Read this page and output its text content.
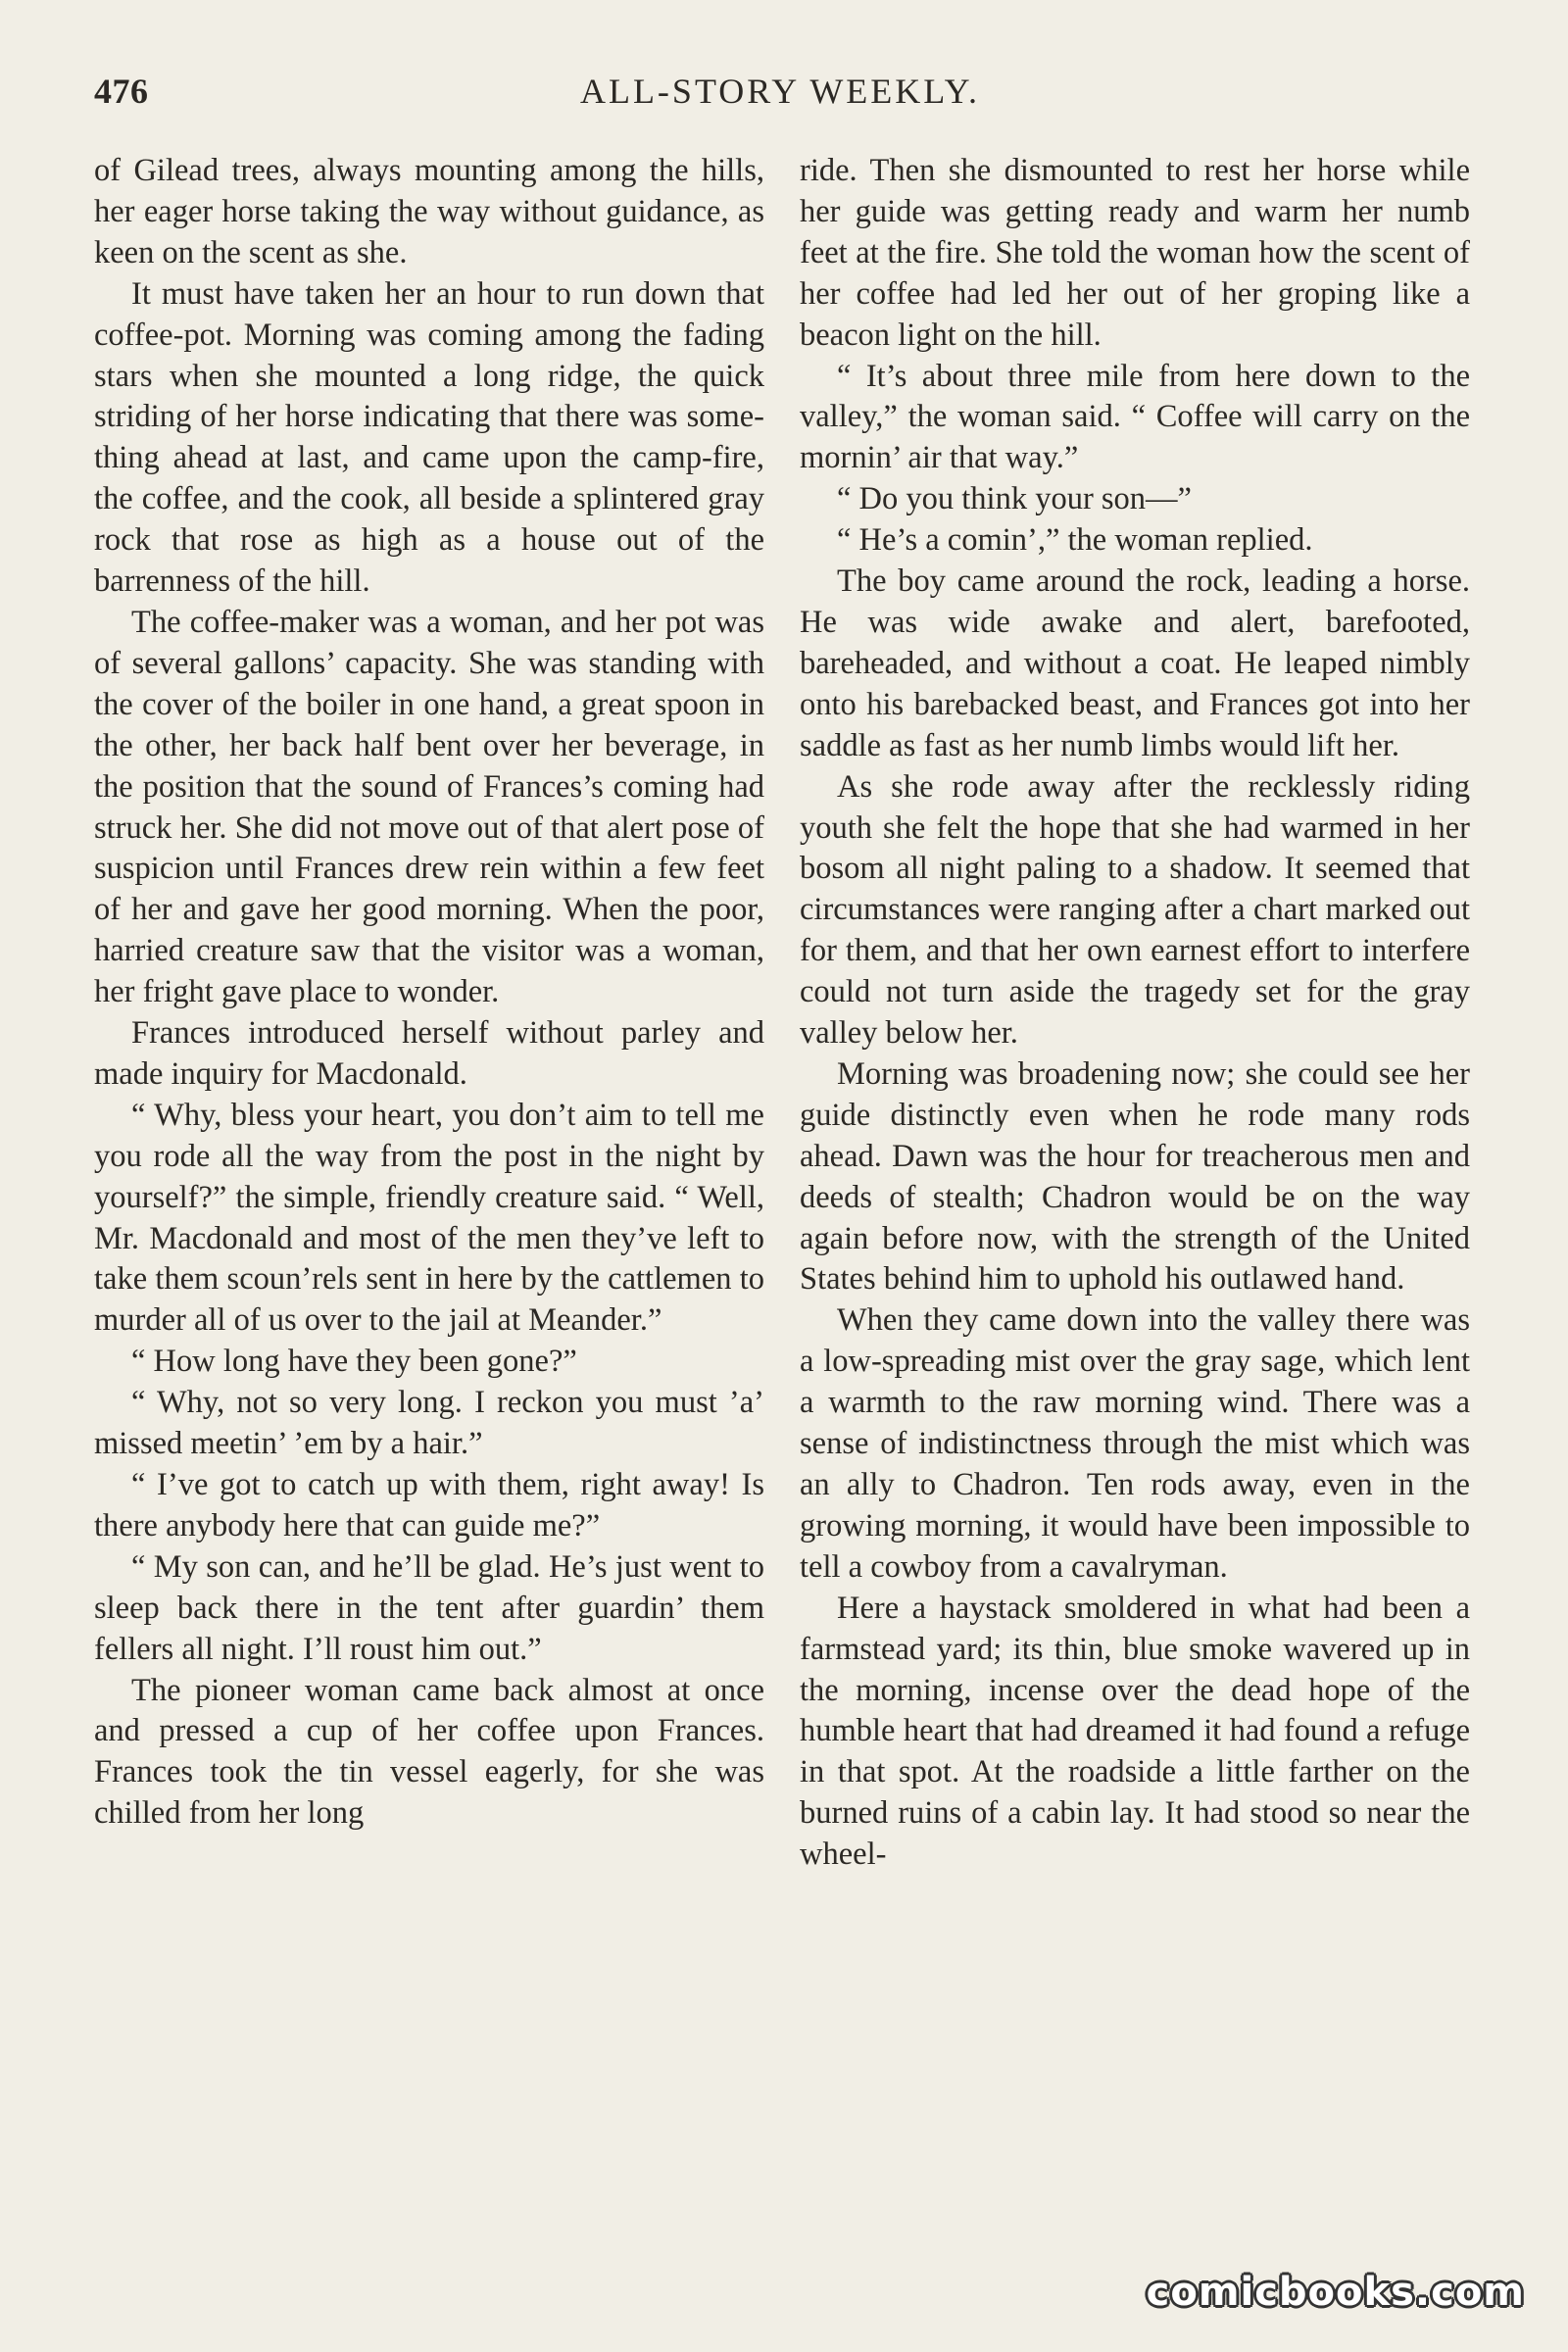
476	ALL-STORY WEEKLY.

of Gilead trees, always mounting among the hills, her eager horse taking the way without guidance, as keen on the scent as she.

It must have taken her an hour to run down that coffee-pot. Morning was coming among the fading stars when she mounted a long ridge, the quick striding of her horse indicating that there was something ahead at last, and came upon the camp-fire, the coffee, and the cook, all beside a splintered gray rock that rose as high as a house out of the barrenness of the hill.

The coffee-maker was a woman, and her pot was of several gallons’ capacity. She was standing with the cover of the boiler in one hand, a great spoon in the other, her back half bent over her beverage, in the position that the sound of Frances’s coming had struck her. She did not move out of that alert pose of suspicion until Frances drew rein within a few feet of her and gave her good morning. When the poor, harried creature saw that the visitor was a woman, her fright gave place to wonder.

Frances introduced herself without parley and made inquiry for Macdonald.

“ Why, bless your heart, you don’t aim to tell me you rode all the way from the post in the night by yourself?” the simple, friendly creature said. “ Well, Mr. Macdonald and most of the men they’ve left to take them scoun’rels sent in here by the cattlemen to murder all of us over to the jail at Meander.”

“ How long have they been gone?”

“ Why, not so very long. I reckon you must ’a’ missed meetin’ ’em by a hair.”

“ I’ve got to catch up with them, right away! Is there anybody here that can guide me?”

“ My son can, and he’ll be glad. He’s just went to sleep back there in the tent after guardin’ them fellers all night. I’ll roust him out.”

The pioneer woman came back almost at once and pressed a cup of her coffee upon Frances. Frances took the tin vessel eagerly, for she was chilled from her long

ride. Then she dismounted to rest her horse while her guide was getting ready and warm her numb feet at the fire. She told the woman how the scent of her coffee had led her out of her groping like a beacon light on the hill.

“ It’s about three mile from here down to the valley,” the woman said. “ Coffee will carry on the mornin’ air that way.”

“ Do you think your son—”

“ He’s a comin’,” the woman replied.

The boy came around the rock, leading a horse. He was wide awake and alert, barefooted, bareheaded, and without a coat. He leaped nimbly onto his barebacked beast, and Frances got into her saddle as fast as her numb limbs would lift her.

As she rode away after the recklessly riding youth she felt the hope that she had warmed in her bosom all night paling to a shadow. It seemed that circumstances were ranging after a chart marked out for them, and that her own earnest effort to interfere could not turn aside the tragedy set for the gray valley below her.

Morning was broadening now; she could see her guide distinctly even when he rode many rods ahead. Dawn was the hour for treacherous men and deeds of stealth; Chadron would be on the way again before now, with the strength of the United States behind him to uphold his outlawed hand.

When they came down into the valley there was a low-spreading mist over the gray sage, which lent a warmth to the raw morning wind. There was a sense of indistinctness through the mist which was an ally to Chadron. Ten rods away, even in the growing morning, it would have been impossible to tell a cowboy from a cavalryman.

Here a haystack smoldered in what had been a farmstead yard; its thin, blue smoke wavered up in the morning, incense over the dead hope of the humble heart that had dreamed it had found a refuge in that spot. At the roadside a little farther on the burned ruins of a cabin lay. It had stood so near the wheel-

comicbooks.com
